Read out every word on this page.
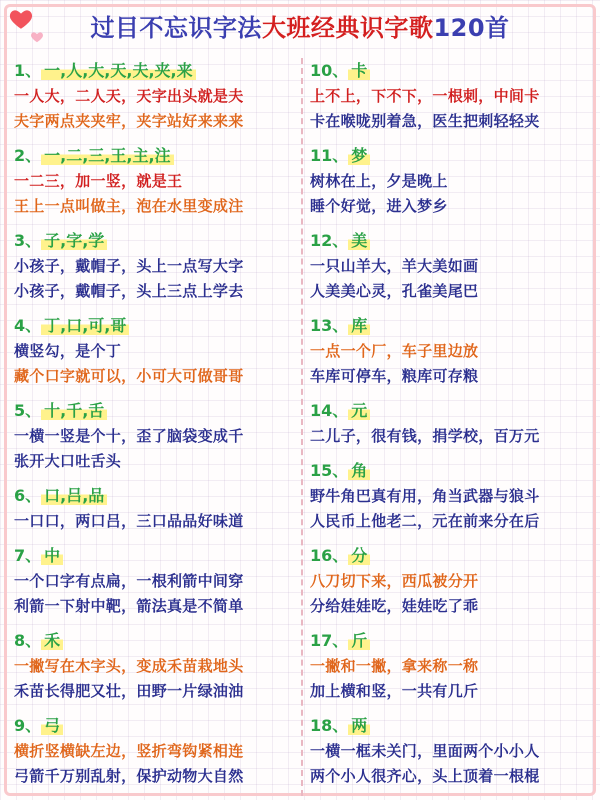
过目不忘识字法大班经典识字歌120首
1、 一,人,大,天,夫,夹,来
一人大，二人天，天字出头就是夫
夫字两点夹夹牢，夹字站好来来来
2、 一,二,三,王,主,注
一二三，加一竖，就是王
王上一点叫做主，泡在水里变成注
3、 子,字,学
小孩子，戴帽子，头上一点写大字
小孩子，戴帽子，头上三点上学去
4、 丁,口,可,哥
横竖勾，是个丁
藏个口字就可以，小可大可做哥哥
5、 十,千,舌
一横一竖是个十，歪了脑袋变成千
张开大口吐舌头
6、 口,吕,品
一口口，两口吕，三口品品好味道
7、 中
一个口字有点扁，一根利箭中间穿
利箭一下射中靶，箭法真是不简单
8、 禾
一撇写在木字头，变成禾苗栽地头
禾苗长得肥又壮，田野一片绿油油
9、 弓
横折竖横缺左边，竖折弯钩紧相连
弓箭千万别乱射，保护动物大自然
10、 卡
上不上，下不下，一根刺，中间卡
卡在喉咙别着急，医生把刺轻轻夹
11、 梦
树林在上，夕是晚上
睡个好觉，进入梦乡
12、 美
一只山羊大，羊大美如画
人美美心灵，孔雀美尾巴
13、 库
一点一个厂，车子里边放
车库可停车，粮库可存粮
14、 元
二儿子，很有钱，捐学校，百万元
15、 角
野牛角巴真有用，角当武器与狼斗
人民币上他老二，元在前来分在后
16、 分
八刀切下来，西瓜被分开
分给娃娃吃，娃娃吃了乖
17、 斤
一撇和一撇，拿来称一称
加上横和竖，一共有几斤
18、 两
一横一框未关门，里面两个小小人
两个小人很齐心，头上顶着一根棍
